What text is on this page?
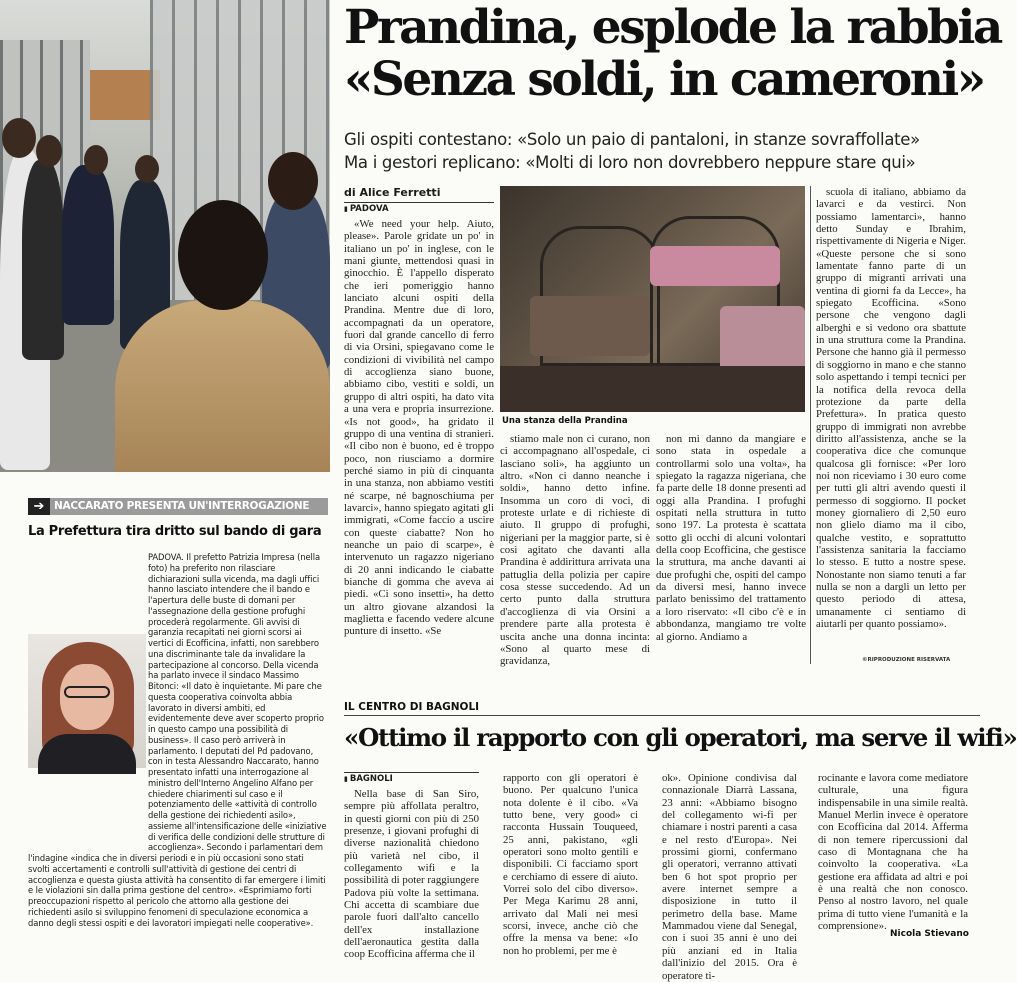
Prandina, esplode la rabbia
«Senza soldi, in cameroni»
Gli ospiti contestano: «Solo un paio di pantaloni, in stanze sovraffollate»
Ma i gestori replicano: «Molti di loro non dovrebbero neppure stare qui»
di Alice Ferretti
▮ PADOVA

«We need your help. Aiuto, please». Parole gridate un po' in italiano un po' in inglese, con le mani giunte, mettendosi quasi in ginocchio. È l'appello disperato che ieri pomeriggio hanno lanciato alcuni ospiti della Prandina. Mentre due di loro, accompagnati da un operatore, fuori dal grande cancello di ferro di via Orsini, spiegavano come le condizioni di vivibilità nel campo di accoglienza siano buone, abbiamo cibo, vestiti e soldi, un gruppo di altri ospiti, ha dato vita a una vera e propria insurrezione. «Is not good», ha gridato il gruppo di una ventina di stranieri. «Il cibo non è buono, ed è troppo poco, non riusciamo a dormire perché siamo in più di cinquanta in una stanza, non abbiamo vestiti né scarpe, né bagnoschiuma per lavarci», hanno spiegato agitati gli immigrati, «Come faccio a uscire con queste ciabatte? Non ho neanche un paio di scarpe», è intervenuto un ragazzo nigeriano di 20 anni indicando le ciabatte bianche di gomma che aveva ai piedi. «Ci sono insetti», ha detto un altro giovane alzandosi la maglietta e facendo vedere alcune punture di insetto. «Se

Una stanza della Prandina

stiamo male non ci curano, non ci accompagnano all'ospedale, ci lasciano soli», ha aggiunto un altro. «Non ci danno neanche i soldi», hanno detto infine. Insomma un coro di voci, di proteste urlate e di richieste di aiuto. Il gruppo di profughi, nigeriani per la maggior parte, si è così agitato che davanti alla Prandina è addirittura arrivata una pattuglia della polizia per capire cosa stesse succedendo. Ad un certo punto dalla struttura d'accoglienza di via Orsini a prendere parte alla protesta è uscita anche una donna incinta: «Sono al quarto mese di gravidanza,

non mi danno da mangiare e sono stata in ospedale a controllarmi solo una volta», ha spiegato la ragazza nigeriana, che fa parte delle 18 donne presenti ad oggi alla Prandina. I profughi ospitati nella struttura in tutto sono 197. La protesta è scattata sotto gli occhi di alcuni volontari della coop Ecofficina, che gestisce la struttura, ma anche davanti ai due profughi che, ospiti del campo da diversi mesi, hanno invece parlato benissimo del trattamento a loro riservato: «Il cibo c'è e in abbondanza, mangiamo tre volte al giorno. Andiamo a

scuola di italiano, abbiamo da lavarci e da vestirci. Non possiamo lamentarci», hanno detto Sunday e Ibrahim, rispettivamente di Nigeria e Niger. «Queste persone che si sono lamentate fanno parte di un gruppo di migranti arrivati una ventina di giorni fa da Lecce», ha spiegato Ecofficina. «Sono persone che vengono dagli alberghi e si vedono ora sbattute in una struttura come la Prandina. Persone che hanno già il permesso di soggiorno in mano e che stanno solo aspettando i tempi tecnici per la notifica della revoca della protezione da parte della Prefettura». In pratica questo gruppo di immigrati non avrebbe diritto all'assistenza, anche se la cooperativa dice che comunque qualcosa gli fornisce: «Per loro noi non riceviamo i 30 euro come per tutti gli altri avendo questi il permesso di soggiorno. Il pocket money giornaliero di 2,50 euro non glielo diamo ma il cibo, qualche vestito, e soprattutto l'assistenza sanitaria la facciamo lo stesso. E tutto a nostre spese. Nonostante non siamo tenuti a far nulla se non a dargli un letto per questo periodo di attesa, umanamente ci sentiamo di aiutarli per quanto possiamo».

©RIPRODUZIONE RISERVATA
NACCARATO PRESENTA UN'INTERROGAZIONE
➔
La Prefettura tira dritto sul bando di gara
PADOVA. Il prefetto Patrizia Impresa (nella foto) ha preferito non rilasciare dichiarazioni sulla vicenda, ma dagli uffici hanno lasciato intendere che il bando e l'apertura delle buste di domani per l'assegnazione della gestione profughi procederà regolarmente. Gli avvisi di garanzia recapitati nei giorni scorsi ai vertici di Ecofficina, infatti, non sarebbero una discriminante tale da invalidare la partecipazione al concorso. Della vicenda ha parlato invece il sindaco Massimo Bitonci: «Il dato è inquietante. Mi pare che questa cooperativa coinvolta abbia lavorato in diversi ambiti, ed evidentemente deve aver scoperto proprio in questo campo una possibilità di business». Il caso però arriverà in parlamento. I deputati del Pd padovano, con in testa Alessandro Naccarato, hanno presentato infatti una interrogazione al ministro dell'Interno Angelino Alfano per chiedere chiarimenti sul caso e il potenziamento delle «attività di controllo della gestione dei richiedenti asilo», assieme all'intensificazione delle «iniziative di verifica delle condizioni delle strutture di accoglienza». Secondo i parlamentari dem l'indagine «indica che in diversi periodi e in più occasioni sono stati svolti accertamenti e controlli sull'attività di gestione dei centri di accoglienza e questa giusta attività ha consentito di far emergere i limiti e le violazioni sin dalla prima gestione del centro». «Esprimiamo forti preoccupazioni rispetto al pericolo che attorno alla gestione dei richiedenti asilo si sviluppino fenomeni di speculazione economica a danno degli stessi ospiti e dei lavoratori impiegati nelle cooperative».
IL CENTRO DI BAGNOLI
«Ottimo il rapporto con gli operatori, ma serve il wifi»
▮ BAGNOLI

Nella base di San Siro, sempre più affollata peraltro, in questi giorni con più di 250 presenze, i giovani profughi di diverse nazionalità chiedono più varietà nel cibo, il collegamento wifi e la possibilità di poter raggiungere Padova più volte la settimana. Chi accetta di scambiare due parole fuori dall'alto cancello dell'ex installazione dell'aeronautica gestita dalla coop Ecofficina afferma che il

rapporto con gli operatori è buono. Per qualcuno l'unica nota dolente è il cibo. «Va tutto bene, very good» ci racconta Hussain Touqueed, 25 anni, pakistano, «gli operatori sono molto gentili e disponibili. Ci facciamo sport e cerchiamo di essere di aiuto. Vorrei solo del cibo diverso». Per Mega Karimu 28 anni, arrivato dal Mali nei mesi scorsi, invece, anche ciò che offre la mensa va bene: «Io non ho problemi, per me è

ok». Opinione condivisa dal connazionale Diarrà Lassana, 23 anni: «Abbiamo bisogno del collegamento wi-fi per chiamare i nostri parenti a casa e nel resto d'Europa». Nei prossimi giorni, confermano gli operatori, verranno attivati ben 6 hot spot proprio per avere internet sempre a disposizione in tutto il perimetro della base. Mame Mammadou viene dal Senegal, con i suoi 35 anni è uno dei più anziani ed in Italia dall'inizio del 2015. Ora è operatore ti-

rocinante e lavora come mediatore culturale, una figura indispensabile in una simile realtà. Manuel Merlin invece è operatore con Ecofficina dal 2014. Afferma di non temere ripercussioni dal caso di Montagnana che ha coinvolto la cooperativa. «La gestione era affidata ad altri e poi è una realtà che non conosco. Penso al nostro lavoro, nel quale prima di tutto viene l'umanità e la comprensione».

Nicola Stievano
